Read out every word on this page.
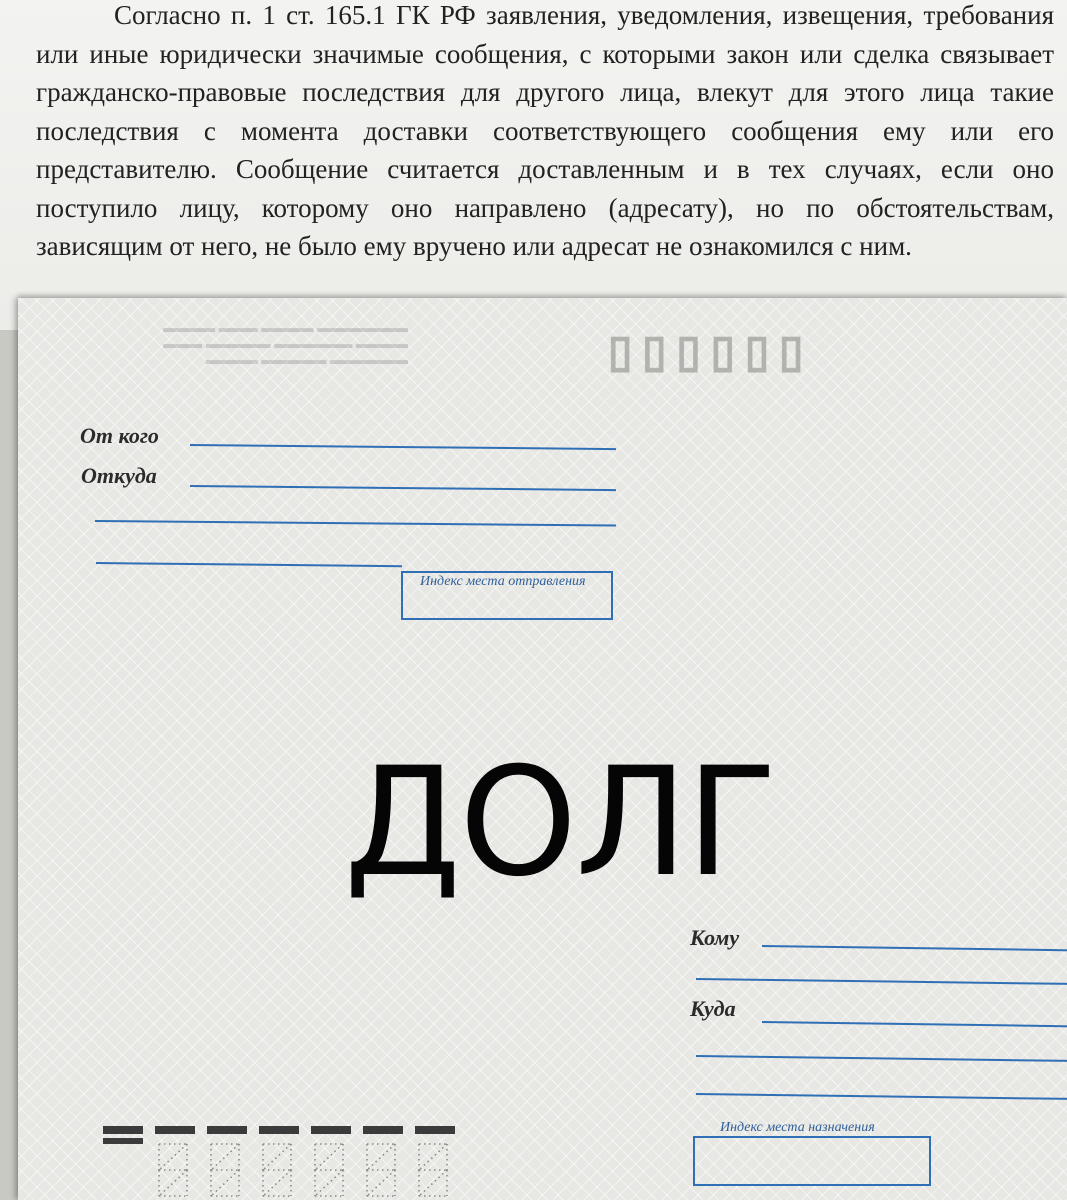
Согласно п. 1 ст. 165.1 ГК РФ заявления, уведомления, извещения, требования или иные юридически значимые сообщения, с которыми закон или сделка связывает гражданско-правовые последствия для другого лица, влекут для этого лица такие последствия с момента доставки соответствующего сообщения ему или его представителю. Сообщение считается доставленным и в тех случаях, если оно поступило лицу, которому оно направлено (адресату), но по обстоятельствам, зависящим от него, не было ему вручено или адресат не ознакомился с ним.

▬▬▬▬▬▬▬ ▬▬▬▬ ▬▬▬ ▬▬▬▬
▬▬▬▬ ▬▬▬▬▬▬ ▬▬▬▬▬ ▬▬▬
▬▬▬▬▬▬ ▬▬▬▬▬ ▬▬▬▬	▯▯▯▯▯▯
От кого
Откуда
Индекс места отправления
ДОЛГ
Кому
Куда
Индекс места назначения
